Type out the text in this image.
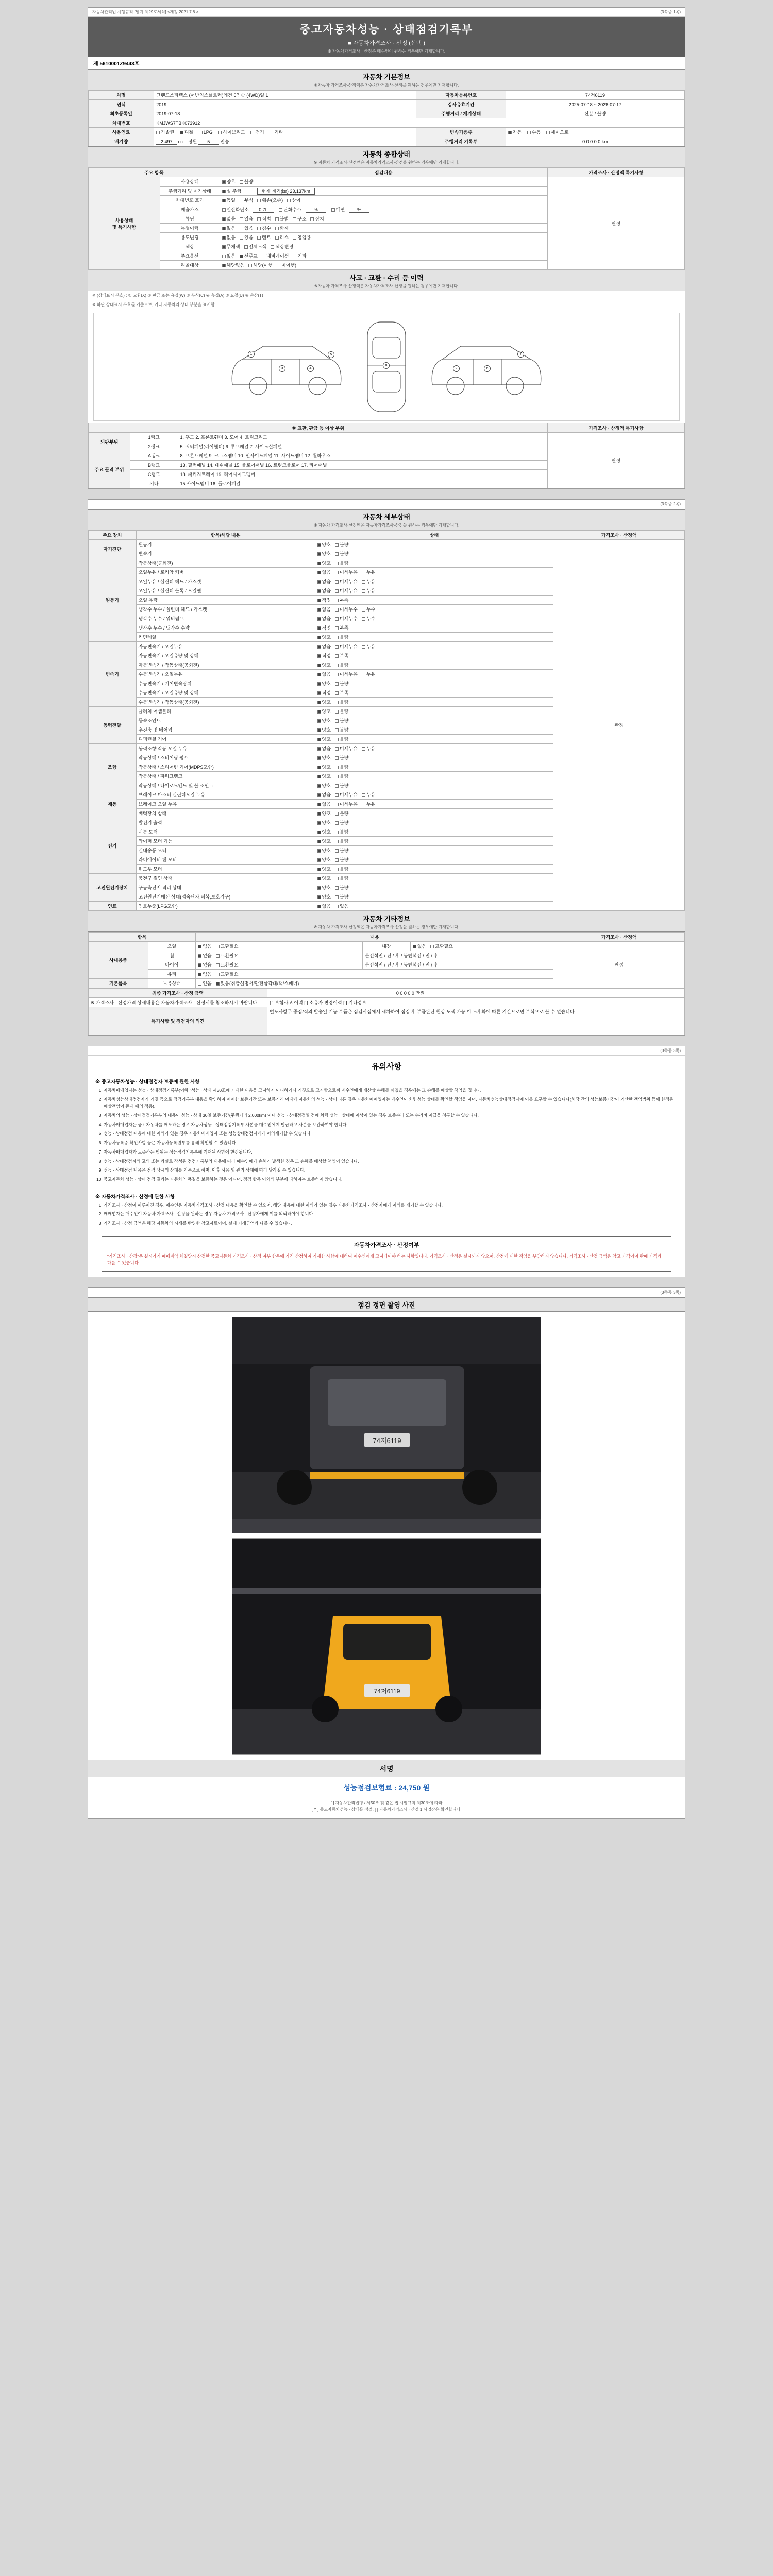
자동차관리법 시행규칙 [별지 제29호서식] <개정 2021.7.8.>	(3쪽중 1쪽)
중고자동차성능 · 상태점검기록부
■ 자동차가격조사 · 산정 (선택 )
※ 자동차가격조사 · 산정은 매수인이 원하는 경우에만 기재합니다.
제 5610001Z9443호
자동차 기본정보
※자동차 가격조사·산정액은 자동차가격조사·산정을 원하는 경우에만 기재합니다.
차명	그랜드스타렉스 (어반익스플로러)왜건 5인승 (4WD)일 1	자동차등록번호	74저6119
연식	2019	검사유효기간	2025-07-18 ~ 2026-07-17
최초등록일	2019-07-18	주행거리 / 계기상태	신분 / 불량
차대번호	KMJWS7TBK073912		
사용연료	가솔린 디젤 LPG 하이브리드 전기 기타	변속기종류	자동 수동 세미오토
배기량	2,497 cc 정원 5 인승	주행거리 기록부	0 0 0 0 0 km
자동차 종합상태
※ 자동차 가격조사·산정액은 자동차가격조사·산정을 원하는 경우에만 기재합니다.
주요 항목		점검내용	가격조사 · 산정액 특기사항
사용상태
및 특기사항	사용상태	양호 불량	판정

	주행거리 및 계기상태	실 주행 현재 계기(㎞) 23,137km	
	차대번호 표기	동일 부식 훼손(오손) 상이	
	배출가스	일산화탄소 0.7L 탄화수소 % 매연 %	
	튜닝	없음 있음 적법 불법 구조 장치	
	특별이력	없음 있음 침수 화재	
	용도변경	없음 있음 렌트 리스 영업용	
	색상	무채색 전체도색 색상변경	
	주요옵션	없음 선루프 내비게이션 기타	
	리콜대상	해당없음 해당(이행 미이행)	
사고 · 교환 · 수리 등 이력
※자동차 가격조사·산정액은 자동차가격조사·산정을 원하는 경우에만 기재합니다.
※ (상태표시 부호) : ① 교환(X) ② 판금 또는 용접(W) ③ 부식(C) ④ 흠집(A) ⑤ 요철(U) ⑥ 손상(T)
※ 하단 상태표시 부호를 기준으로, 기타 자동차의 상태 부분을 표시함
1
3	4
5
8
7
2	6
※ 교환, 판금 등 이상 부위			가격조사 · 산정액 특기사항
외판부위	1랭크	1. 후드 2. 프론트휀더 3. 도어 4. 트렁크리드	판정
	2랭크	5. 쿼터패널(리어휀더) 6. 루프패널 7. 사이드실패널	
주요 골격 부위	A랭크	8. 프론트패널 9. 크로스멤버 10. 인사이드패널 11. 사이드멤버 12. 휠하우스	
	B랭크	13. 필러패널 14. 대쉬패널 15. 플로어패널 16. 트렁크플로어 17. 리어패널	
	C랭크	18. 패키지트레이 19. 리어사이드멤버	
	기타	15.사이드멤버 16. 플로어패널	

(3쪽중 2쪽)
자동차 세부상태
※ 자동차 가격조사·산정액은 자동차가격조사·산정을 원하는 경우에만 기재합니다.
주요 장치	항목/해당 내용	상태	가격조사 · 산정액
자기진단	원동기	양호 불량	판정
	변속기	양호 불량	
원동기	작동상태(공회전)	양호 불량	
	오일누유 / 로커암 커버	없음 미세누유 누유	
	오일누유 / 실린더 헤드 / 가스켓	없음 미세누유 누유	
	오일누유 / 실린더 블록 / 오일팬	없음 미세누유 누유	
	오일 유량	적정 부족	
	냉각수 누수 / 실린더 헤드 / 가스켓	없음 미세누수 누수	
	냉각수 누수 / 워터펌프	없음 미세누수 누수	
	냉각수 누수 / 냉각수 수량	적정 부족	
	커먼레일	양호 불량	
변속기	자동변속기 / 오일누유	없음 미세누유 누유	
	자동변속기 / 오일유량 및 상태	적정 부족	
	자동변속기 / 작동상태(공회전)	양호 불량	
	수동변속기 / 오일누유	없음 미세누유 누유	
	수동변속기 / 기어변속장치	양호 불량	
	수동변속기 / 오일유량 및 상태	적정 부족	
	수동변속기 / 작동상태(공회전)	양호 불량	
동력전달	클러치 어셈블리	양호 불량	
	등속조인트	양호 불량	
	추진축 및 베어링	양호 불량	
	디퍼런셜 기어	양호 불량	
조향	동력조향 작동 오일 누유	없음 미세누유 누유	
	작동상태 / 스티어링 펌프	양호 불량	
	작동상태 / 스티어링 기어(MDPS포함)	양호 불량	
	작동상태 / 파워크랭크	양호 불량	
	작동상태 / 타이로드엔드 및 볼 조인트	양호 불량	
제동	브레이크 마스터 실린더오일 누유	없음 미세누유 누유	
	브레이크 오일 누유	없음 미세누유 누유	
	배력장치 상태	양호 불량	
전기	발전기 출력	양호 불량	
	시동 모터	양호 불량	
	와이퍼 모터 기능	양호 불량	
	실내송풍 모터	양호 불량	
	라디에이터 팬 모터	양호 불량	
	윈도우 모터	양호 불량	
고전원전기장치	충전구 절연 상태	양호 불량	
	구동축전지 격리 상태	양호 불량	
	고전원전기배선 상태(접속단자,피복,보호기구)	양호 불량	
연료	연료누출(LPG포함)	없음 있음	
자동차 기타정보
※ 자동차 가격조사·산정액은 자동차가격조사·산정을 원하는 경우에만 기재합니다.
항목		내용			가격조사 · 산정액
사내용품	오일	없음 교환필요	내장	없음 교환필요	판정
	휠	없음 교환필요	운전석전 / 전 / 후 / 동반석전 / 전 / 후		
	타이어	없음 교환필요	운전석전 / 전 / 후 / 동반석전 / 전 / 후		
	유리	없음 교환필요			
기본품목	보유상태	없음 있음(취급설명서/안전삼각대/잭/스패너)			
최종 가격조사 · 산정 금액	0 0 0 0 0 만원	
※ 가격조사 · 산정가격 상세내용은 자동차가격조사 · 산정서를 참조하시기 바랍니다.	[ ] 보험사고 이력 [ ] 소유자 변경이력 [ ] 기타정보	
특기사항 및 점검자의 의견	별도사항무 중점/적의 발송일 기능 부품은 점검시점에서 세차하여 점검 후 부품판단 원상 도색 가능 이 노후화에 따른 기간으로만 부식으로 볼 수 없습니다.	

(3쪽중 3쪽)
유의사항
※ 중고자동차성능 · 상태점검자 보증에 관한 사항
1. 자동차매매업자는 성능 · 상태점검기록부(이하 "성능 · 상태 제30조에 기재한 내용을 고지하지 아니하거나 거짓으로 고지함으로써 매수인에게 재산상 손해를 끼쳤을 경우에는 그 손해를 배상할 책임을 집니다.
2. 자동차성능상태점검자가 거짓 등으로 점검기록부 내용을 확인하여 매매한 보증기간 또는 보증거리 이내에 자동차의 성능 · 상태 다른 경우 자동차매매업자는 매수인이 차량성능 상태를 확인할 책임을 지며, 자동차성능상태점검자에 이를 요구할 수 있습니다(해당 간의 성능보증기간이 기산한 책임범위 등에 한정된 배상책임이 존재 때의 적용).
3. 자동차의 성능 · 상태점검기록부의 내용이 성능 · 상태 30일 보증기간(주행거리 2,000km) 이내 성능 · 상태점검일 전에 차량 성능 · 상태에 이상이 있는 경우 보증수리 또는 수리비 지급을 청구할 수 있습니다.
4. 자동차매매업자는 중고자동차를 매도하는 경우 자동차성능 · 상태점검기록부 사본을 매수인에게 발급하고 사본을 보관하여야 합니다.
5. 성능 · 상태점검 내용에 대한 이의가 있는 경우 자동차매매업자 또는 성능상태점검자에게 이의제기할 수 있습니다.
6. 자동차등록증 확인사항 등은 자동차등록원부를 통해 확인할 수 있습니다.
7. 자동차매매업자가 보증하는 범위는 성능점검기록부에 기재된 사항에 한정됩니다.
8. 성능 · 상태점검자의 고의 또는 과실로 작성된 점검기록부의 내용에 따라 매수인에게 손해가 발생한 경우 그 손해를 배상할 책임이 있습니다.
9. 성능 · 상태점검 내용은 점검 당시의 상태를 기준으로 하며, 이후 사용 및 관리 상태에 따라 달라질 수 있습니다.
10. 중고자동차 성능 · 상태 점검 결과는 자동차의 품질을 보증하는 것은 아니며, 점검 항목 이외의 부분에 대하여는 보증하지 않습니다.
※ 자동차가격조사 · 산정에 관한 사항
1. 가격조사 · 산정이 이루어진 경우, 매수인은 자동차가격조사 · 산정 내용을 확인할 수 있으며, 해당 내용에 대한 이의가 있는 경우 자동차가격조사 · 산정자에게 이의를 제기할 수 있습니다.
2. 매매업자는 매수인이 자동차 가격조사 · 산정을 원하는 경우 자동차 가격조사 · 산정자에게 이를 의뢰하여야 합니다.
3. 가격조사 · 산정 금액은 해당 자동차의 시세를 반영한 참고자료이며, 실제 거래금액과 다를 수 있습니다.
자동차가격조사 · 산정여부
"가격조사 · 산정"은 실시가기 매매계약 체결당시 산정한 중고자동차 가격조사 · 산정 여부 항목에 가격 산정하여 기재한 사항에 대하여 매수인에게 고지되어야 하는 사항입니다. 가격조사 · 산정은 실시되지 않으며, 산정에 대한 책임을 부담하지 않습니다. 가격조사 · 산정 금액은 참고 가격이며 판매 가격과 다를 수 있습니다.

(3쪽중 3쪽)
점검 정면 촬영 사진
74저6119
74저6119
서명
성능점검보험료 : 24,750 원
[ ] 자동차관리법령 / 제50조 및 같은 법 시행규칙 제30조에 따라
[ Y ] 중고자동차성능 · 상태를 점검, [ ] 자동차가격조사 · 산정 1 사업장은 확인합니다.
